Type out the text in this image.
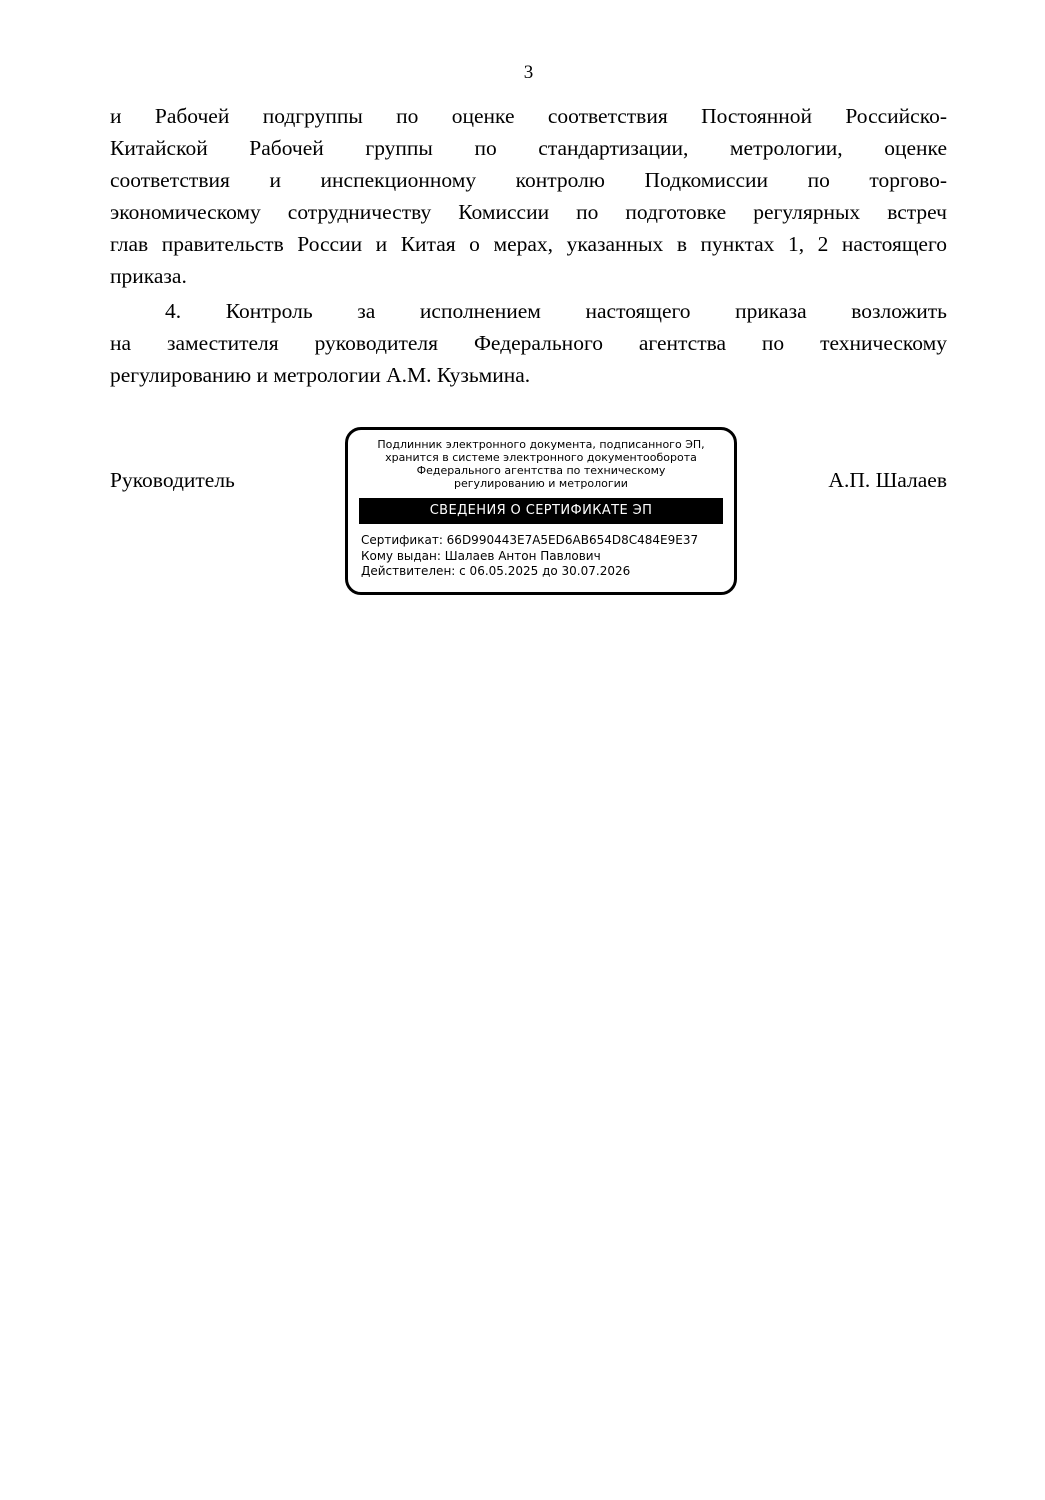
3
и Рабочей подгруппы по оценке соответствия Постоянной Российско-
Китайской Рабочей группы по стандартизации, метрологии, оценке
соответствия и инспекционному контролю Подкомиссии по торгово-
экономическому сотрудничеству Комиссии по подготовке регулярных встреч
глав правительств России и Китая о мерах, указанных в пунктах 1, 2 настоящего
приказа.
4. Контроль за исполнением настоящего приказа возложить
на заместителя руководителя Федерального агентства по техническому
регулированию и метрологии А.М. Кузьмина.
Руководитель
Подлинник электронного документа, подписанного ЭП,
хранится в системе электронного документооборота
Федерального агентства по техническому
регулированию и метрологии
СВЕДЕНИЯ О СЕРТИФИКАТЕ ЭП
Сертификат: 66D990443E7A5ED6AB654D8C484E9E37
Кому выдан: Шалаев Антон Павлович
Действителен: с 06.05.2025 до 30.07.2026
А.П. Шалаев
